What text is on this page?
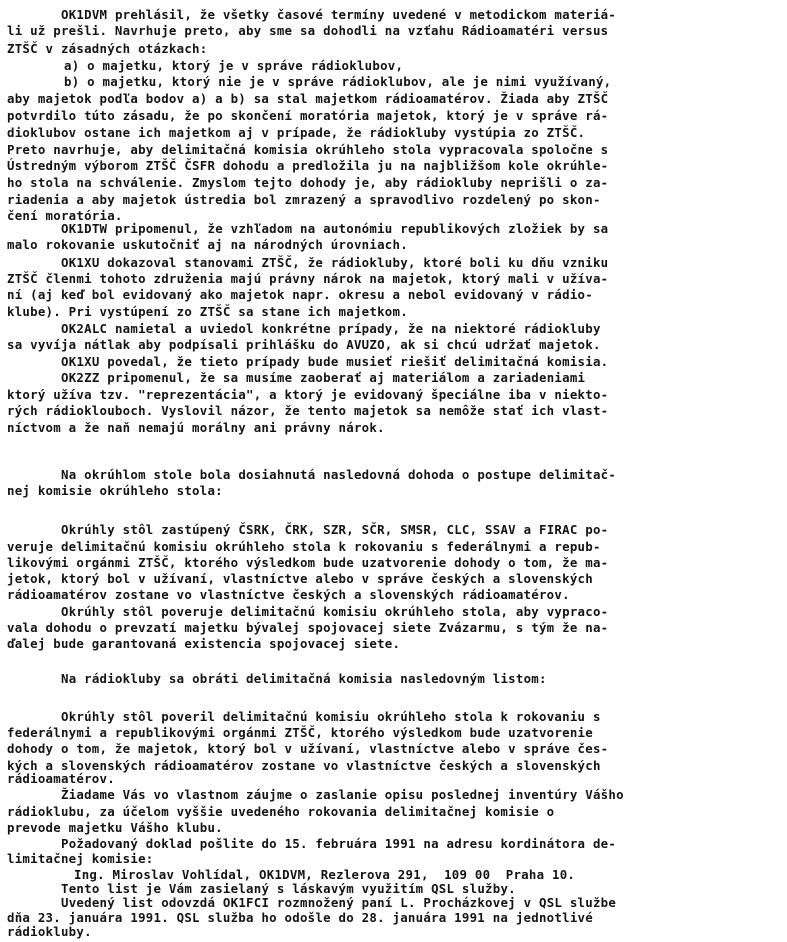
OK1DVM prehlásil, že všetky časové termíny uvedené v metodickom materiá-

li už prešli. Navrhuje preto, aby sme sa dohodli na vzťahu Rádioamatéri versus

ZTŠČ v zásadných otázkach:

a) o majetku, ktorý je v správe rádioklubov,

b) o majetku, ktorý nie je v správe rádioklubov, ale je nimi využívaný,

aby majetok podľa bodov a) a b) sa stal majetkom rádioamatérov. Žiada aby ZTŠČ

potvrdilo túto zásadu, že po skončení moratória majetok, ktorý je v správe rá-

dioklubov ostane ich majetkom aj v prípade, že rádiokluby vystúpia zo ZTŠČ.

Preto navrhuje, aby delimitačná komisia okrúhleho stola vypracovala spoločne s

Ústredným výborom ZTŠČ ČSFR dohodu a predložila ju na najbližšom kole okrúhle-

ho stola na schválenie. Zmyslom tejto dohody je, aby rádiokluby neprišli o za-

riadenia a aby majetok ústredia bol zmrazený a spravodlivo rozdelený po skon-

čení moratória.

OK1DTW pripomenul, že vzhľadom na autonómiu republikových zložiek by sa

malo rokovanie uskutočniť aj na národných úrovniach.

OK1XU dokazoval stanovami ZTŠČ, že rádiokluby, ktoré boli ku dňu vzniku

ZTŠČ členmi tohoto združenia majú právny nárok na majetok, ktorý mali v užíva-

ní (aj keď bol evidovaný ako majetok napr. okresu a nebol evidovaný v rádio-

klube). Pri vystúpení zo ZTŠČ sa stane ich majetkom.

OK2ALC namietal a uviedol konkrétne prípady, že na niektoré rádiokluby

sa vyvíja nátlak aby podpísali prihlášku do AVUZO, ak si chcú udržať majetok.

OK1XU povedal, že tieto prípady bude musieť riešiť delimitačná komisia.

OK2ZZ pripomenul, že sa musíme zaoberať aj materiálom a zariadeniami

ktorý užíva tzv. "reprezentácia", a ktorý je evidovaný špeciálne iba v niekto-

rých rádioklouboch. Vyslovil názor, že tento majetok sa nemôže stať ich vlast-

níctvom a že naň nemajú morálny ani právny nárok.

Na okrúhlom stole bola dosiahnutá nasledovná dohoda o postupe delimitač-

nej komisie okrúhleho stola:

Okrúhly stôl zastúpený ČSRK, ČRK, SZR, SČR, SMSR, CLC, SSAV a FIRAC po-

veruje delimitačnú komisiu okrúhleho stola k rokovaniu s federálnymi a repub-

likovými orgánmi ZTŠČ, ktorého výsledkom bude uzatvorenie dohody o tom, že ma-

jetok, ktorý bol v užívaní, vlastníctve alebo v správe českých a slovenských

rádioamatérov zostane vo vlastníctve českých a slovenských rádioamatérov.

Okrúhly stôl poveruje delimitačnú komisiu okrúhleho stola, aby vypraco-

vala dohodu o prevzatí majetku bývalej spojovacej siete Zvázarmu, s tým že na-

ďalej bude garantovaná existencia spojovacej siete.

Na rádiokluby sa obráti delimitačná komisia nasledovným listom:

Okrúhly stôl poveril delimitačnú komisiu okrúhleho stola k rokovaniu s

federálnymi a republikovými orgánmi ZTŠČ, ktorého výsledkom bude uzatvorenie

dohody o tom, že majetok, ktorý bol v užívaní, vlastníctve alebo v správe čes-

kých a slovenských rádioamatérov zostane vo vlastníctve českých a slovenských

rádioamatérov.

Žiadame Vás vo vlastnom záujme o zaslanie opisu poslednej inventúry Vášho

rádioklubu, za účelom vyššie uvedeného rokovania delimitačnej komisie o

prevode majetku Vášho klubu.

Požadovaný doklad pošlite do 15. februára 1991 na adresu kordinátora de-

limitačnej komisie:

Ing. Miroslav Vohlídal, OK1DVM, Rezlerova 291,  109 00  Praha 10.

Tento list je Vám zasielaný s láskavým využitím QSL služby.

Uvedený list odovzdá OK1FCI rozmnožený paní L. Procházkovej v QSL službe

dňa 23. januára 1991. QSL služba ho odošle do 28. januára 1991 na jednotlivé

rádiokluby.
